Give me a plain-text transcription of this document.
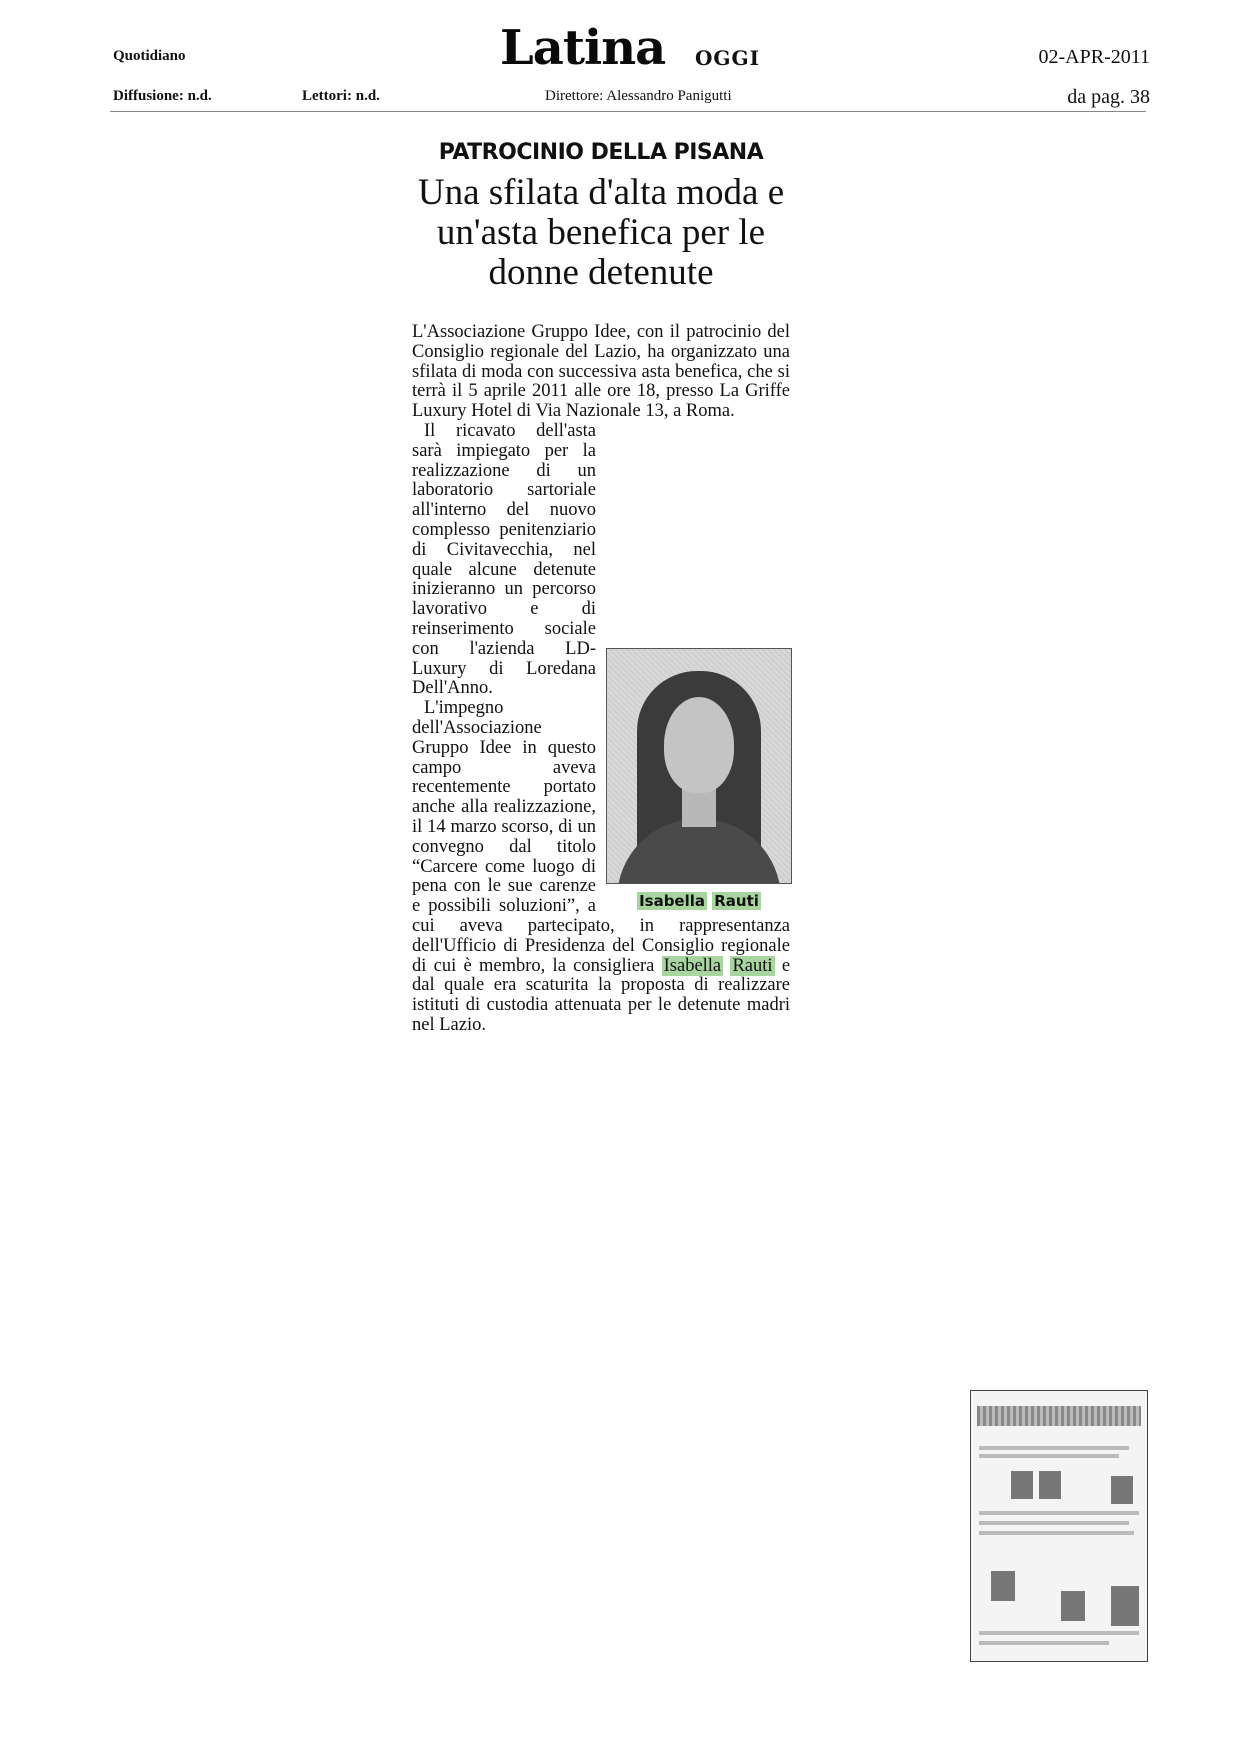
Quotidiano	Latina OGGI	02-APR-2011
Diffusione: n.d.	Lettori: n.d.	Direttore: Alessandro Panigutti	da pag. 38
PATROCINIO DELLA PISANA
Una sfilata d'alta moda e un'asta benefica per le donne detenute

L'Associazione Gruppo Idee, con il patrocinio del Consiglio regionale del Lazio, ha organizzato una sfilata di moda con successiva asta benefica, che si terrà il 5 aprile 2011 alle ore 18, presso La Griffe Luxury Hotel di Via Nazionale 13, a Roma.

Isabella Rauti

Il ricavato dell'asta sarà impiegato per la realizzazione di un laboratorio sartoriale all'interno del nuovo complesso penitenziario di Civitavecchia, nel quale alcune detenute inizieranno un percorso lavorativo e di reinserimento sociale con l'azienda LD-Luxury di Loredana Dell'Anno.

L'impegno dell'Associazione Gruppo Idee in questo campo aveva recentemente portato anche alla realizzazione, il 14 marzo scorso, di un convegno dal titolo “Carcere come luogo di pena con le sue carenze e possibili soluzioni”, a cui aveva partecipato, in rappresentanza dell'Ufficio di Presidenza del Consiglio regionale di cui è membro, la consigliera Isabella Rauti e dal quale era scaturita la proposta di realizzare istituti di custodia attenuata per le detenute madri nel Lazio.
